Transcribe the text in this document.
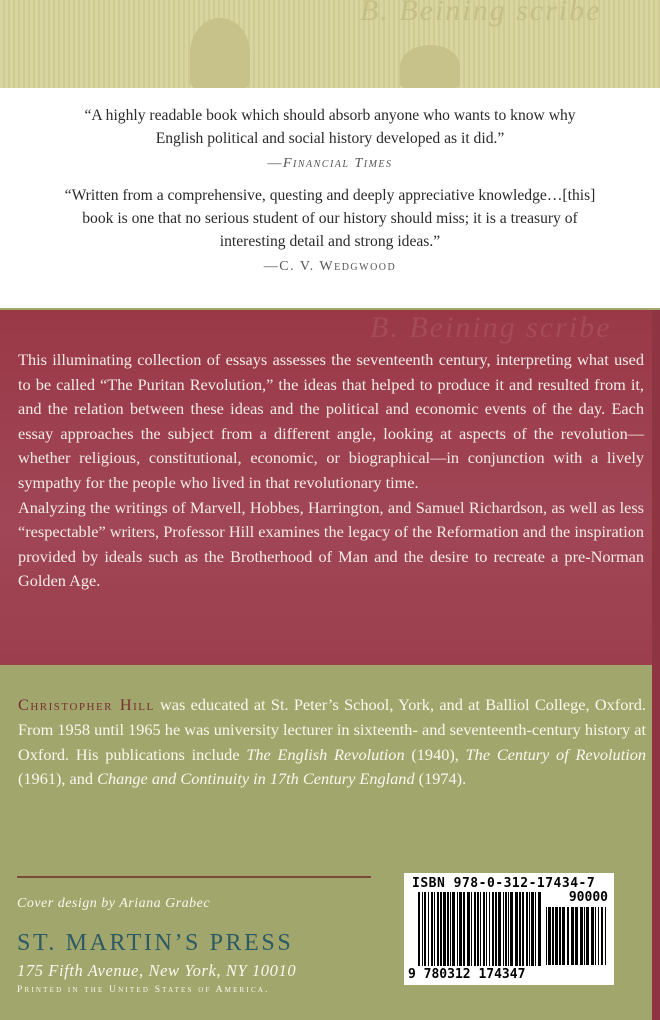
B. Beining scribe

“A highly readable book which should absorb anyone who wants to know why English political and social history developed as it did.”

—Financial Times

“Written from a comprehensive, questing and deeply appreciative knowledge…[this] book is one that no serious student of our history should miss; it is a treasury of interesting detail and strong ideas.”

—C. V. Wedgwood

B. Beining scribe

This illuminating collection of essays assesses the seventeenth century, interpreting what used to be called “The Puritan Revolution,” the ideas that helped to produce it and resulted from it, and the relation between these ideas and the political and economic events of the day. Each essay approaches the subject from a different angle, looking at aspects of the revolution—whether religious, constitutional, economic, or biographical—in conjunction with a lively sympathy for the people who lived in that revolutionary time.

Analyzing the writings of Marvell, Hobbes, Harrington, and Samuel Richardson, as well as less “respectable” writers, Professor Hill examines the legacy of the Reformation and the inspiration provided by ideals such as the Brotherhood of Man and the desire to recreate a pre-Norman Golden Age.

Christopher Hill was educated at St. Peter’s School, York, and at Balliol College, Oxford. From 1958 until 1965 he was university lecturer in sixteenth- and seventeenth-century history at Oxford. His publications include The English Revolution (1940), The Century of Revolution (1961), and Change and Continuity in 17th Century England (1974).
Cover design by Ariana Grabec
ST. MARTIN’S PRESS
175 Fifth Avenue, New York, NY 10010
Printed in the United States of America.
ISBN 978-0-312-17434-7
90000
9 780312 174347
